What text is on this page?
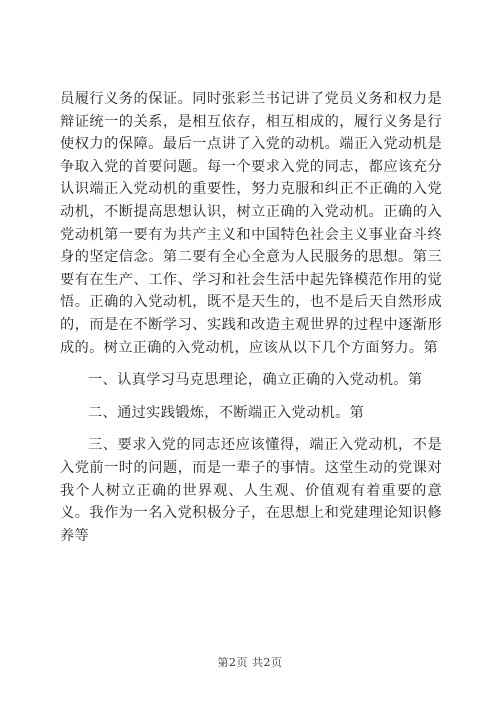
员履行义务的保证。同时张彩兰书记讲了党员义务和权力是辩证统一的关系，是相互依存，相互相成的，履行义务是行使权力的保障。最后一点讲了入党的动机。端正入党动机是争取入党的首要问题。每一个要求入党的同志，都应该充分认识端正入党动机的重要性，努力克服和纠正不正确的入党动机，不断提高思想认识，树立正确的入党动机。正确的入党动机第一要有为共产主义和中国特色社会主义事业奋斗终身的坚定信念。第二要有全心全意为人民服务的思想。第三要有在生产、工作、学习和社会生活中起先锋模范作用的觉悟。正确的入党动机，既不是天生的，也不是后天自然形成的，而是在不断学习、实践和改造主观世界的过程中逐渐形成的。树立正确的入党动机，应该从以下几个方面努力。第

一、认真学习马克思理论，确立正确的入党动机。第

二、通过实践锻炼，不断端正入党动机。第

三、要求入党的同志还应该懂得，端正入党动机，不是入党前一时的问题，而是一辈子的事情。这堂生动的党课对我个人树立正确的世界观、人生观、价值观有着重要的意义。我作为一名入党积极分子，在思想上和党建理论知识修养等

第2页 共2页
